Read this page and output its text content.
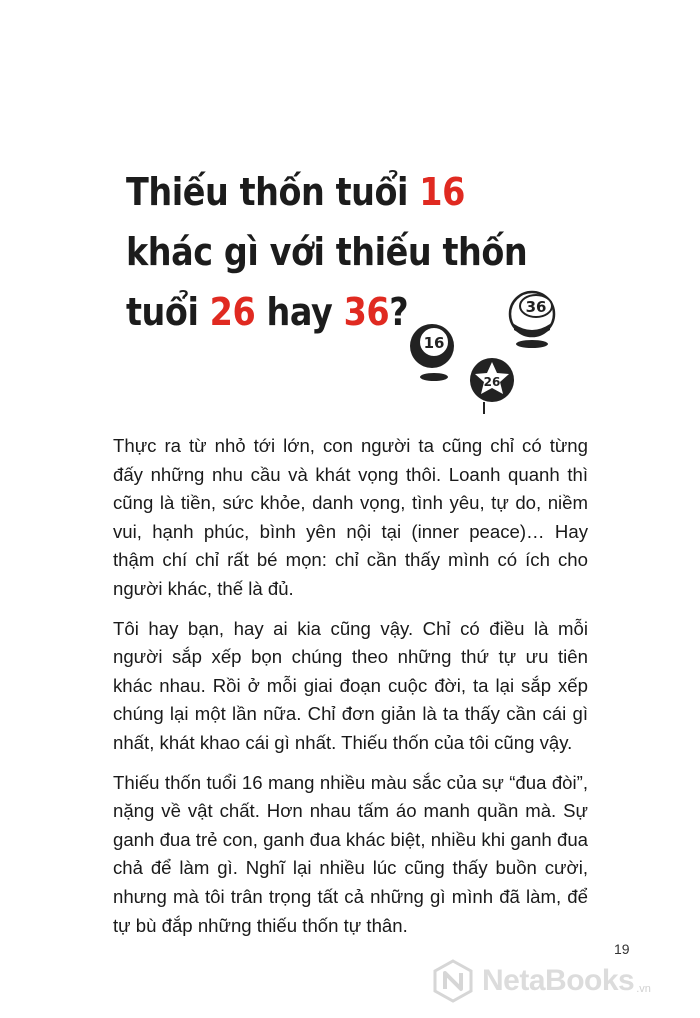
Thiếu thốn tuổi 16
khác gì với thiếu thốn
tuổi 26 hay 36?
16
36
26

Thực ra từ nhỏ tới lớn, con người ta cũng chỉ có từng đấy những nhu cầu và khát vọng thôi. Loanh quanh thì cũng là tiền, sức khỏe, danh vọng, tình yêu, tự do, niềm vui, hạnh phúc, bình yên nội tại (inner peace)… Hay thậm chí chỉ rất bé mọn: chỉ cần thấy mình có ích cho người khác, thế là đủ.

Tôi hay bạn, hay ai kia cũng vậy. Chỉ có điều là mỗi người sắp xếp bọn chúng theo những thứ tự ưu tiên khác nhau. Rồi ở mỗi giai đoạn cuộc đời, ta lại sắp xếp chúng lại một lần nữa. Chỉ đơn giản là ta thấy cần cái gì nhất, khát khao cái gì nhất. Thiếu thốn của tôi cũng vậy.

Thiếu thốn tuổi 16 mang nhiều màu sắc của sự “đua đòi”, nặng về vật chất. Hơn nhau tấm áo manh quần mà. Sự ganh đua trẻ con, ganh đua khác biệt, nhiều khi ganh đua chả để làm gì. Nghĩ lại nhiều lúc cũng thấy buồn cười, nhưng mà tôi trân trọng tất cả những gì mình đã làm, để tự bù đắp những thiếu thốn tự thân.

19
NetaBooks .vn
